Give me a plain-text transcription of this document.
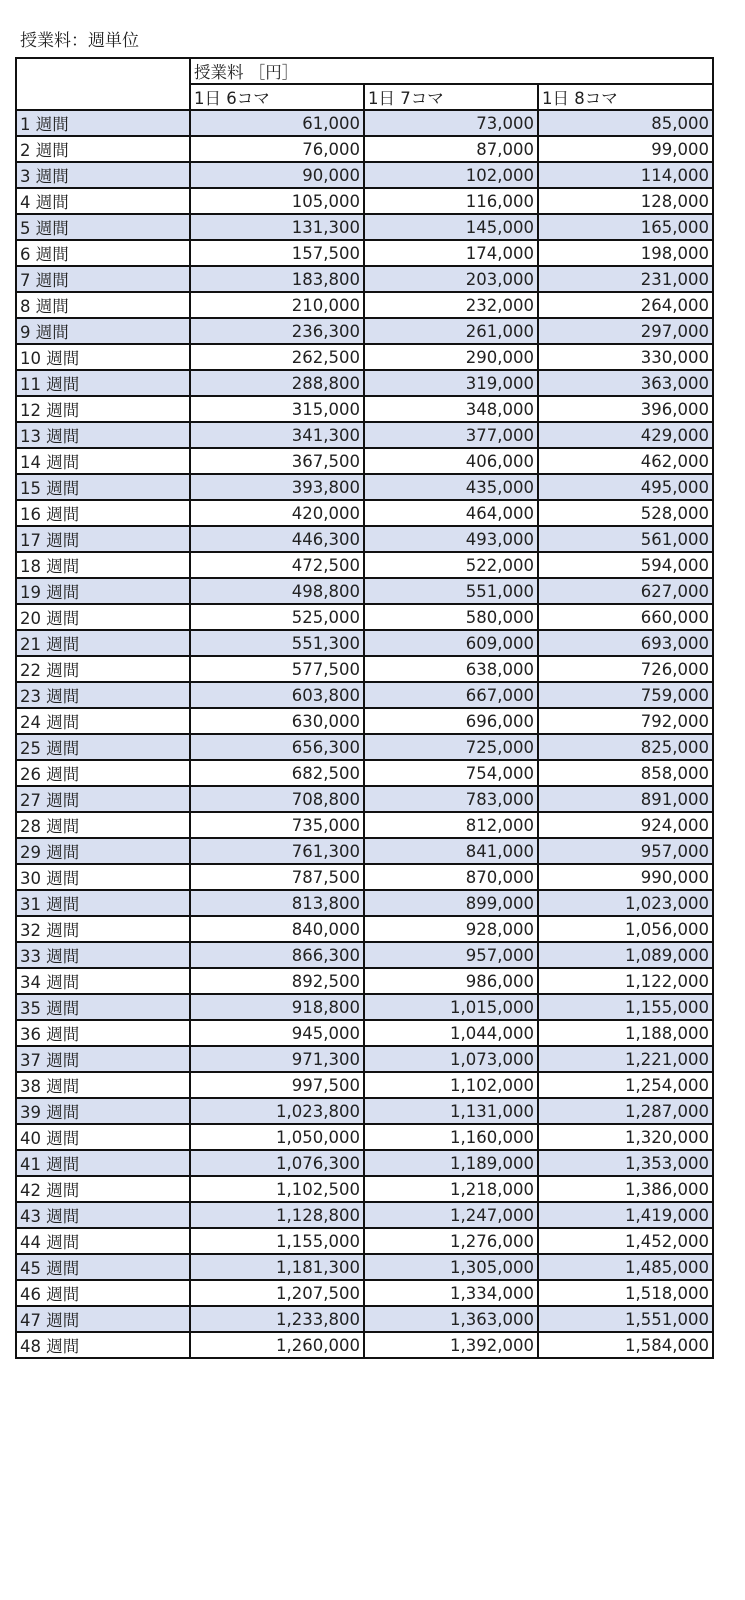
授業料：週単位
	授業料 ［円］		
	1日 6コマ	1日 7コマ	1日 8コマ
1 週間	61,000	73,000	85,000
2 週間	76,000	87,000	99,000
3 週間	90,000	102,000	114,000
4 週間	105,000	116,000	128,000
5 週間	131,300	145,000	165,000
6 週間	157,500	174,000	198,000
7 週間	183,800	203,000	231,000
8 週間	210,000	232,000	264,000
9 週間	236,300	261,000	297,000
10 週間	262,500	290,000	330,000
11 週間	288,800	319,000	363,000
12 週間	315,000	348,000	396,000
13 週間	341,300	377,000	429,000
14 週間	367,500	406,000	462,000
15 週間	393,800	435,000	495,000
16 週間	420,000	464,000	528,000
17 週間	446,300	493,000	561,000
18 週間	472,500	522,000	594,000
19 週間	498,800	551,000	627,000
20 週間	525,000	580,000	660,000
21 週間	551,300	609,000	693,000
22 週間	577,500	638,000	726,000
23 週間	603,800	667,000	759,000
24 週間	630,000	696,000	792,000
25 週間	656,300	725,000	825,000
26 週間	682,500	754,000	858,000
27 週間	708,800	783,000	891,000
28 週間	735,000	812,000	924,000
29 週間	761,300	841,000	957,000
30 週間	787,500	870,000	990,000
31 週間	813,800	899,000	1,023,000
32 週間	840,000	928,000	1,056,000
33 週間	866,300	957,000	1,089,000
34 週間	892,500	986,000	1,122,000
35 週間	918,800	1,015,000	1,155,000
36 週間	945,000	1,044,000	1,188,000
37 週間	971,300	1,073,000	1,221,000
38 週間	997,500	1,102,000	1,254,000
39 週間	1,023,800	1,131,000	1,287,000
40 週間	1,050,000	1,160,000	1,320,000
41 週間	1,076,300	1,189,000	1,353,000
42 週間	1,102,500	1,218,000	1,386,000
43 週間	1,128,800	1,247,000	1,419,000
44 週間	1,155,000	1,276,000	1,452,000
45 週間	1,181,300	1,305,000	1,485,000
46 週間	1,207,500	1,334,000	1,518,000
47 週間	1,233,800	1,363,000	1,551,000
48 週間	1,260,000	1,392,000	1,584,000
